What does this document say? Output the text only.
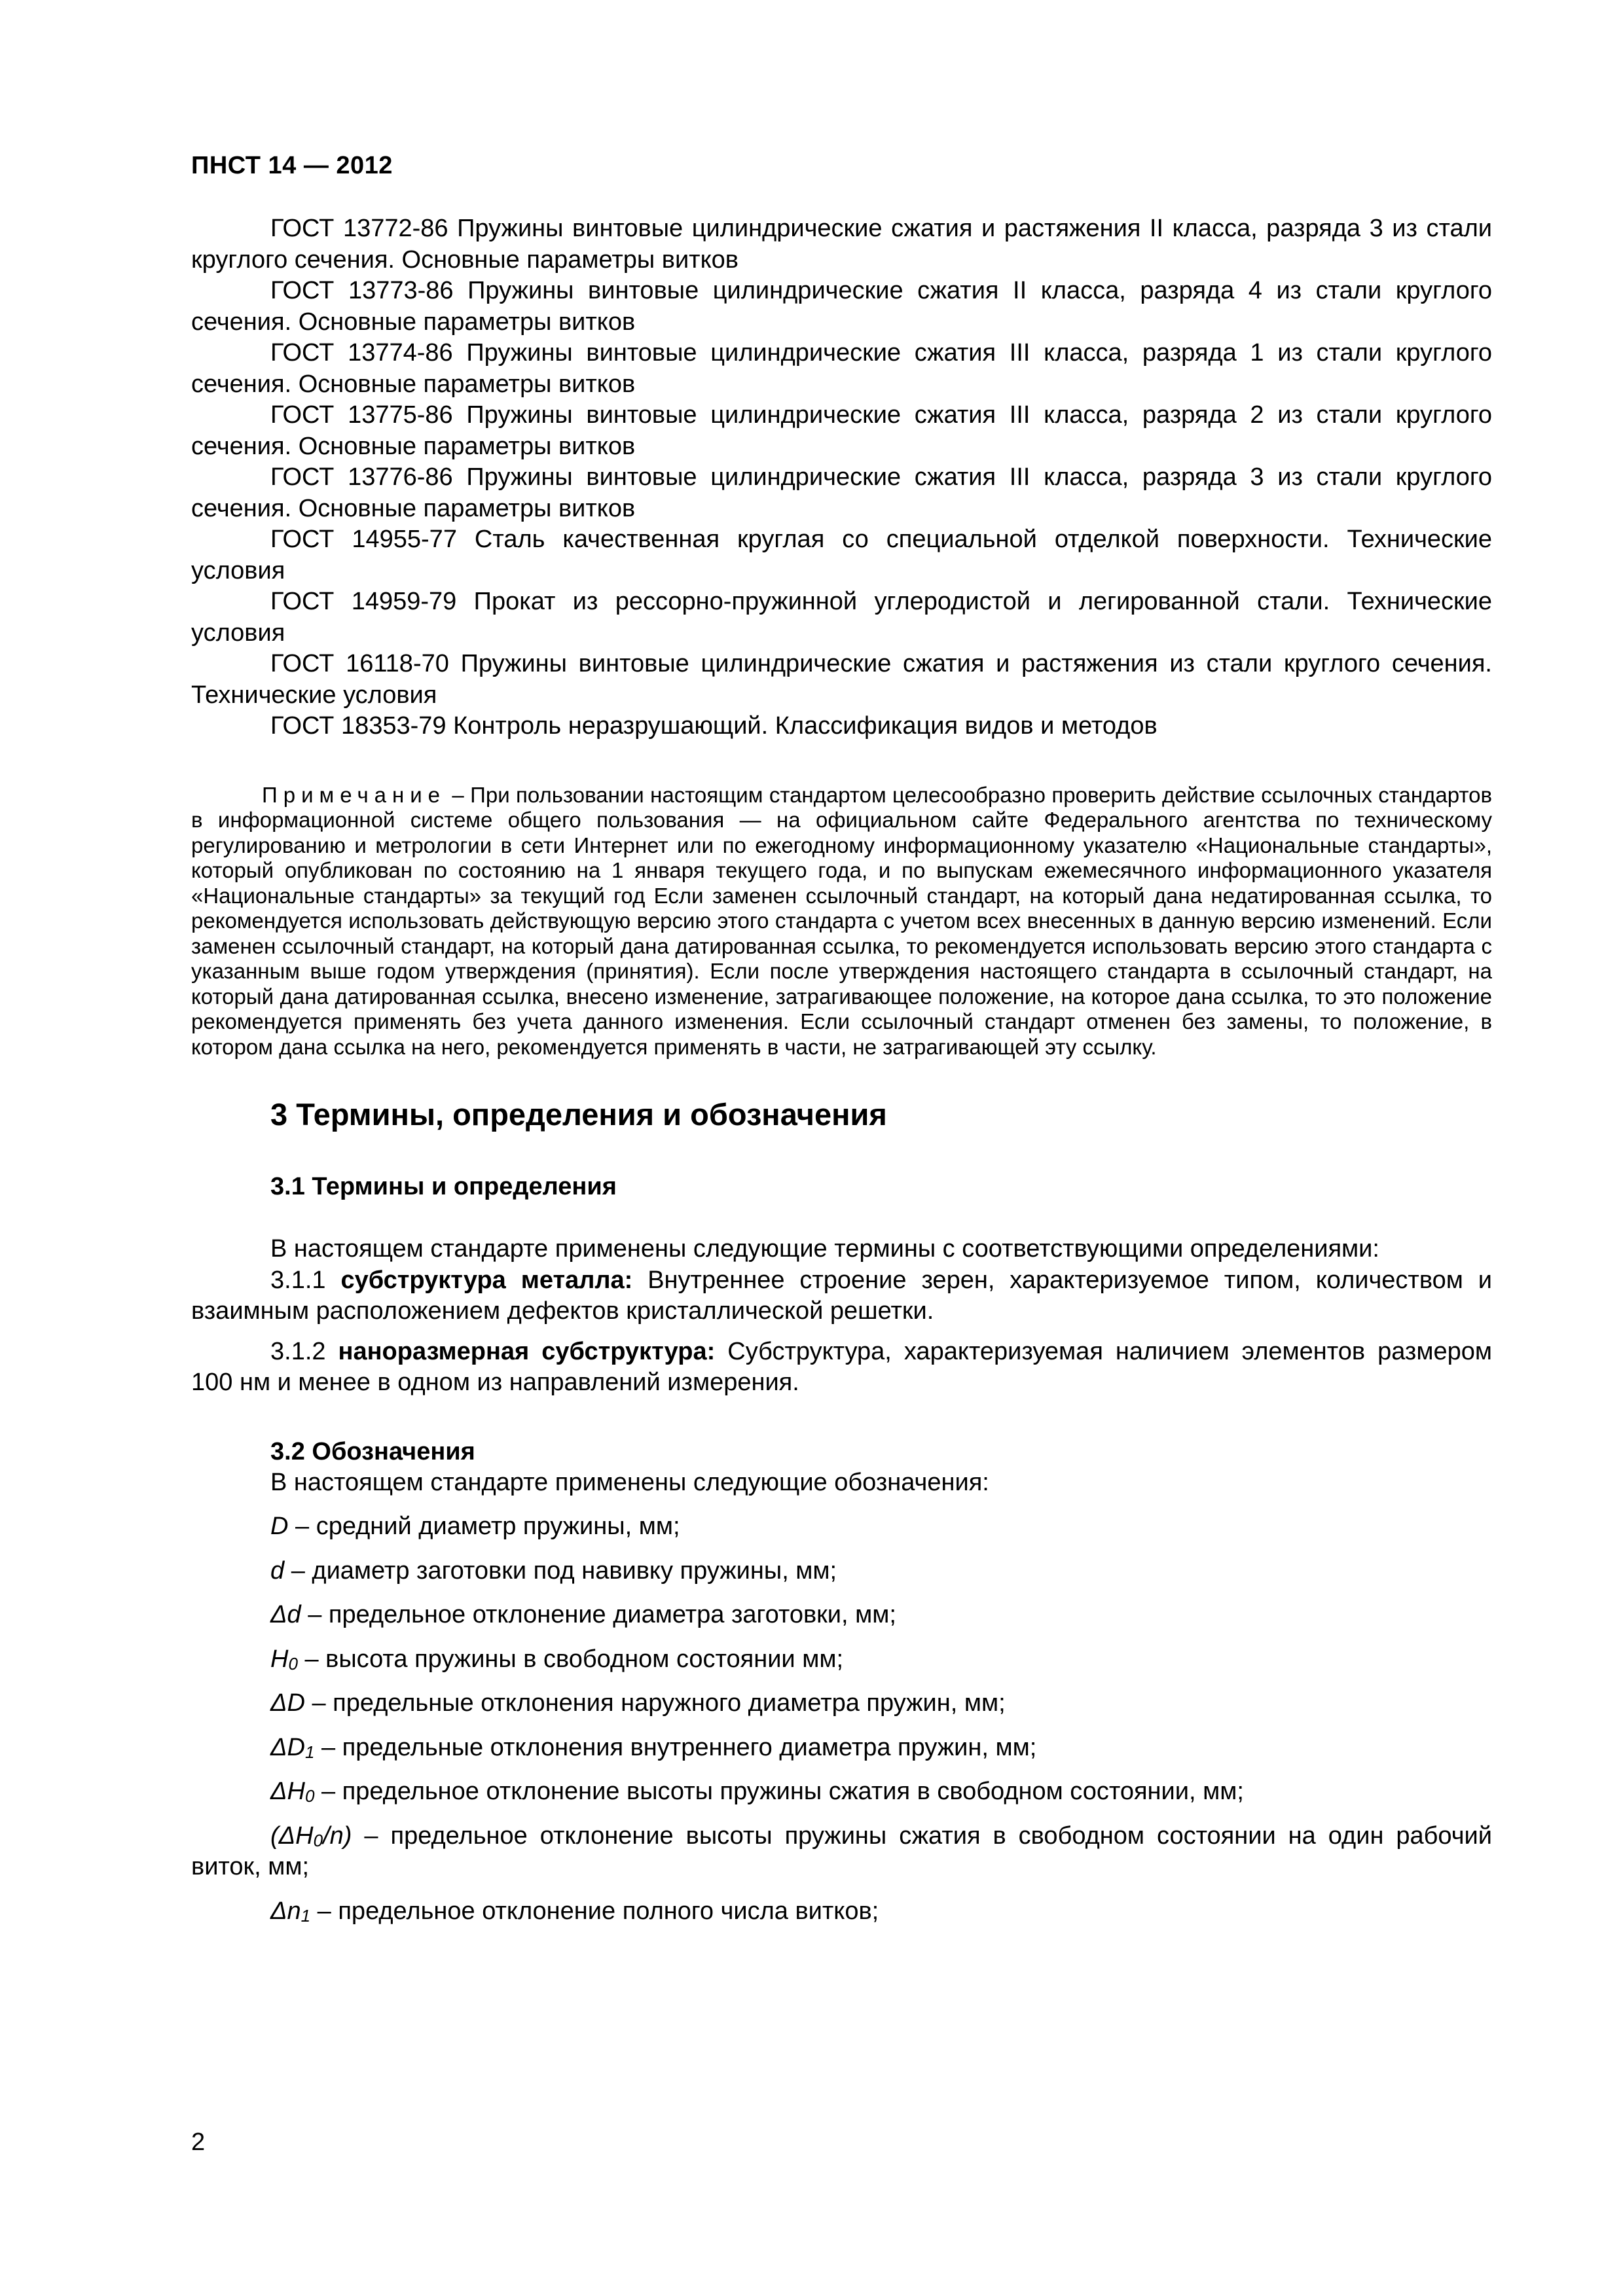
ПНСТ 14 — 2012

ГОСТ 13772-86 Пружины винтовые цилиндрические сжатия и растяжения II класса, разряда 3 из стали круглого сечения. Основные параметры витков

ГОСТ 13773-86 Пружины винтовые цилиндрические сжатия II класса, разряда 4 из стали круглого сечения. Основные параметры витков

ГОСТ 13774-86 Пружины винтовые цилиндрические сжатия III класса, разряда 1 из стали круглого сечения. Основные параметры витков

ГОСТ 13775-86 Пружины винтовые цилиндрические сжатия III класса, разряда 2 из стали круглого сечения. Основные параметры витков

ГОСТ 13776-86 Пружины винтовые цилиндрические сжатия III класса, разряда 3 из стали круглого сечения. Основные параметры витков

ГОСТ 14955-77 Сталь качественная круглая со специальной отделкой поверхности. Технические условия

ГОСТ 14959-79 Прокат из рессорно-пружинной углеродистой и легированной стали. Технические условия

ГОСТ 16118-70 Пружины винтовые цилиндрические сжатия и растяжения из стали круглого сечения. Технические условия

ГОСТ 18353-79 Контроль неразрушающий. Классификация видов и методов

Примечание – При пользовании настоящим стандартом целесообразно проверить действие ссылочных стандартов в информационной системе общего пользования — на официальном сайте Федерального агентства по техническому регулированию и метрологии в сети Интернет или по ежегодному информационному указателю «Национальные стандарты», который опубликован по состоянию на 1 января текущего года, и по выпускам ежемесячного информационного указателя «Национальные стандарты» за текущий год Если заменен ссылочный стандарт, на который дана недатированная ссылка, то рекомендуется использовать действующую версию этого стандарта с учетом всех внесенных в данную версию изменений. Если заменен ссылочный стандарт, на который дана датированная ссылка, то рекомендуется использовать версию этого стандарта с указанным выше годом утверждения (принятия). Если после утверждения настоящего стандарта в ссылочный стандарт, на который дана датированная ссылка, внесено изменение, затрагивающее положение, на которое дана ссылка, то это положение рекомендуется применять без учета данного изменения. Если ссылочный стандарт отменен без замены, то положение, в котором дана ссылка на него, рекомендуется применять в части, не затрагивающей эту ссылку.

3 Термины, определения и обозначения
3.1 Термины и определения

В настоящем стандарте применены следующие термины с соответствующими определениями:

3.1.1 субструктура металла: Внутреннее строение зерен, характеризуемое типом, количеством и взаимным расположением дефектов кристаллической решетки.

3.1.2 наноразмерная субструктура: Субструктура, характеризуемая наличием элементов размером 100 нм и менее в одном из направлений измерения.

3.2 Обозначения

В настоящем стандарте применены следующие обозначения:

D – средний диаметр пружины, мм;

d – диаметр заготовки под навивку пружины, мм;

Δd – предельное отклонение диаметра заготовки, мм;

$H_0$ – высота пружины в свободном состоянии мм;

ΔD – предельные отклонения наружного диаметра пружин, мм;

$\Delta D_1$ – предельные отклонения внутреннего диаметра пружин, мм;

$\Delta H_0$ – предельное отклонение высоты пружины сжатия в свободном состоянии, мм;

$(\Delta H_0/n)$ – предельное отклонение высоты пружины сжатия в свободном состоянии на один рабочий виток, мм;

$\Delta n_1$ – предельное отклонение полного числа витков;

2
